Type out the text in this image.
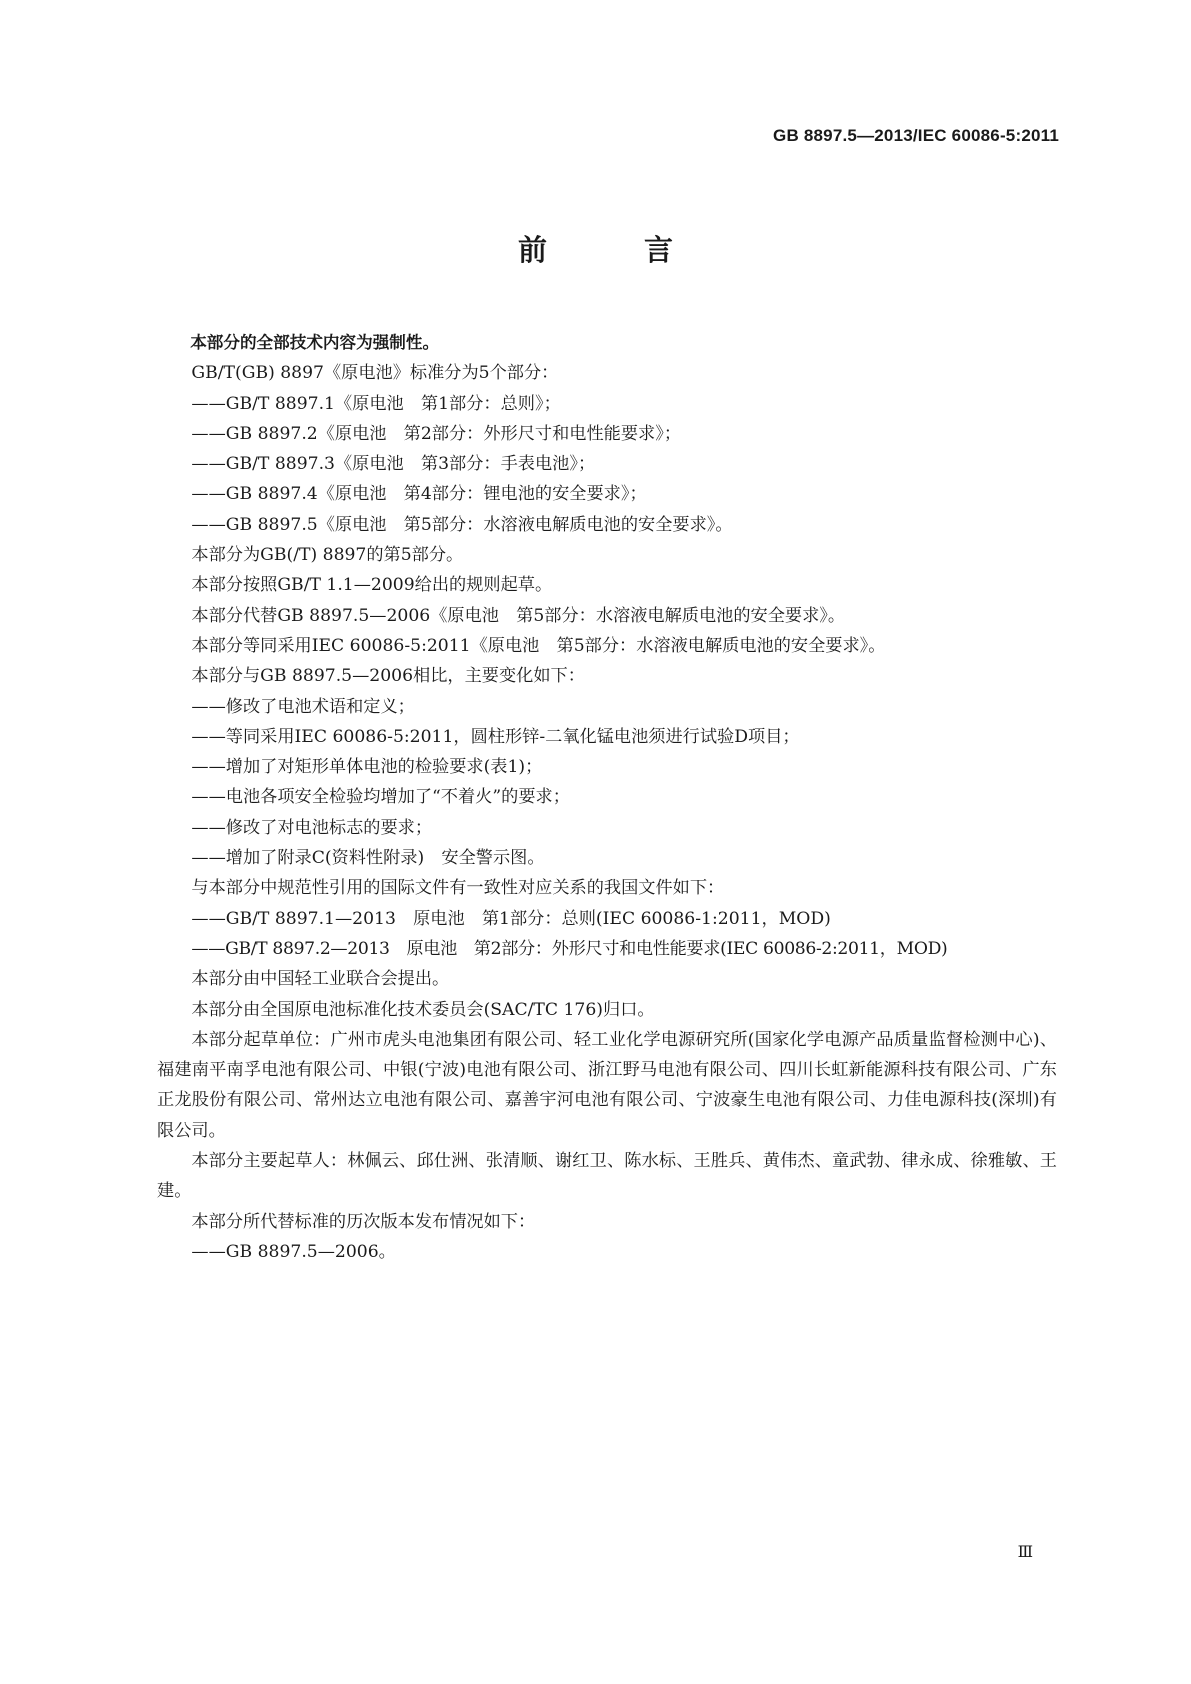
GB 8897.5—2013/IEC 60086-5:2011
前　言

本部分的全部技术内容为强制性。

GB/T(GB) 8897《原电池》标准分为5个部分：

——GB/T 8897.1《原电池　第1部分：总则》；

——GB 8897.2《原电池　第2部分：外形尺寸和电性能要求》；

——GB/T 8897.3《原电池　第3部分：手表电池》；

——GB 8897.4《原电池　第4部分：锂电池的安全要求》；

——GB 8897.5《原电池　第5部分：水溶液电解质电池的安全要求》。

本部分为GB(/T) 8897的第5部分。

本部分按照GB/T 1.1—2009给出的规则起草。

本部分代替GB 8897.5—2006《原电池　第5部分：水溶液电解质电池的安全要求》。

本部分等同采用IEC 60086-5:2011《原电池　第5部分：水溶液电解质电池的安全要求》。

本部分与GB 8897.5—2006相比，主要变化如下：

——修改了电池术语和定义；

——等同采用IEC 60086-5:2011，圆柱形锌-二氧化锰电池须进行试验D项目；

——增加了对矩形单体电池的检验要求(表1)；

——电池各项安全检验均增加了“不着火”的要求；

——修改了对电池标志的要求；

——增加了附录C(资料性附录)　安全警示图。

与本部分中规范性引用的国际文件有一致性对应关系的我国文件如下：

——GB/T 8897.1—2013　原电池　第1部分：总则(IEC 60086-1:2011，MOD)

——GB/T 8897.2—2013　原电池　第2部分：外形尺寸和电性能要求(IEC 60086-2:2011，MOD)

本部分由中国轻工业联合会提出。

本部分由全国原电池标准化技术委员会(SAC/TC 176)归口。

本部分起草单位：广州市虎头电池集团有限公司、轻工业化学电源研究所(国家化学电源产品质量监督检测中心)、福建南平南孚电池有限公司、中银(宁波)电池有限公司、浙江野马电池有限公司、四川长虹新能源科技有限公司、广东正龙股份有限公司、常州达立电池有限公司、嘉善宇河电池有限公司、宁波豪生电池有限公司、力佳电源科技(深圳)有限公司。

本部分主要起草人：林佩云、邱仕洲、张清顺、谢红卫、陈水标、王胜兵、黄伟杰、童武勃、律永成、徐雅敏、王建。

本部分所代替标准的历次版本发布情况如下：

——GB 8897.5—2006。

Ⅲ
